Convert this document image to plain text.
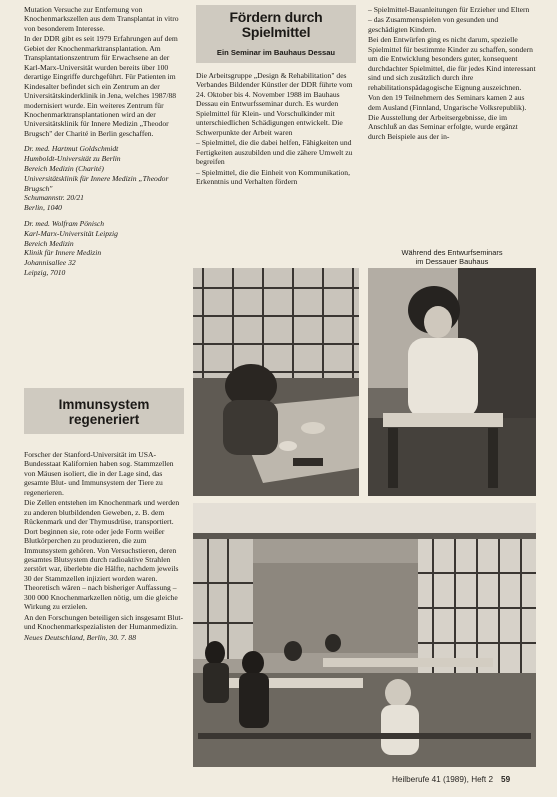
Mutation Versuche zur Entfernung von Knochenmarkszellen aus dem Transplantat in vitro von besonderem Interesse.

In der DDR gibt es seit 1979 Erfahrungen auf dem Gebiet der Knochenmarktransplantation. Am Transplantationszentrum für Erwachsene an der Karl-Marx-Universität wurden bereits über 100 derartige Eingriffe durchgeführt. Für Patienten im Kindesalter befindet sich ein Zentrum an der Universitätskinderklinik in Jena, welches 1987/88 modernisiert wurde. Ein weiteres Zentrum für Knochenmarktransplantationen wird an der Universitätsklinik für Innere Medizin „Theodor Brugsch" der Charité in Berlin geschaffen.

Dr. med. Hartmut Goldschmidt
Humboldt-Universität zu Berlin
Bereich Medizin (Charité)
Universitätsklinik für Innere Medizin „Theodor Brugsch"
Schumannstr. 20/21
Berlin, 1040

Dr. med. Wolfram Pönisch
Karl-Marx-Universität Leipzig
Bereich Medizin
Klinik für Innere Medizin
Johannisallee 32
Leipzig, 7010

Immunsystem
regeneriert

Forscher der Stanford-Universität im USA-Bundesstaat Kalifornien haben sog. Stammzellen von Mäusen isoliert, die in der Lage sind, das gesamte Blut- und Immunsystem der Tiere zu regenerieren.

Die Zellen entstehen im Knochenmark und werden zu anderen blutbildenden Geweben, z. B. dem Rückenmark und der Thymusdrüse, transportiert. Dort beginnen sie, rote oder jede Form weißer Blutkörperchen zu produzieren, die zum Immunsystem gehören. Von Versuchstieren, deren gesamtes Blutsystem durch radioaktive Strahlen zerstört war, überlebte die Hälfte, nachdem jeweils 30 der Stammzellen injiziert worden waren. Theoretisch wären – nach bisheriger Auffassung – 300 000 Knochenmarkzellen nötig, um die gleiche Wirkung zu erzielen.

An den Forschungen beteiligen sich insgesamt Blut- und Knochenmarkspezialisten der Humanmedizin.

Neues Deutschland, Berlin, 30. 7. 88

Fördern durch
Spielmittel
Ein Seminar im Bauhaus Dessau

Die Arbeitsgruppe „Design & Rehabilitation" des Verbandes Bildender Künstler der DDR führte vom 24. Oktober bis 4. November 1988 im Bauhaus Dessau ein Entwurfsseminar durch. Es wurden Spielmittel für Klein- und Vorschulkinder mit unterschiedlichen Schädigungen entwickelt. Die Schwerpunkte der Arbeit waren

– Spielmittel, die die dabei helfen, Fähigkeiten und Fertigkeiten auszubilden und die zähere Umwelt zu begreifen

– Spielmittel, die die Einheit von Kommunikation, Erkenntnis und Verhalten fördern

– Spielmittel-Bauanleitungen für Erzieher und Eltern

– das Zusammenspielen von gesunden und geschädigten Kindern.

Bei den Entwürfen ging es nicht darum, spezielle Spielmittel für bestimmte Kinder zu schaffen, sondern um die Entwicklung besonders guter, konsequent durchdachter Spielmittel, die für jedes Kind interessant sind und sich zusätzlich durch ihre rehabilitationspädagogische Eignung auszeichnen.

Von den 19 Teilnehmern des Seminars kamen 2 aus dem Ausland (Finnland, Ungarische Volksrepublik).

Die Ausstellung der Arbeitsergebnisse, die im Anschluß an das Seminar erfolgte, wurde ergänzt durch Beispiele aus der in-

Während des Entwurfseminars
im Dessauer Bauhaus
Heilberufe 41 (1989), Heft 2 59
